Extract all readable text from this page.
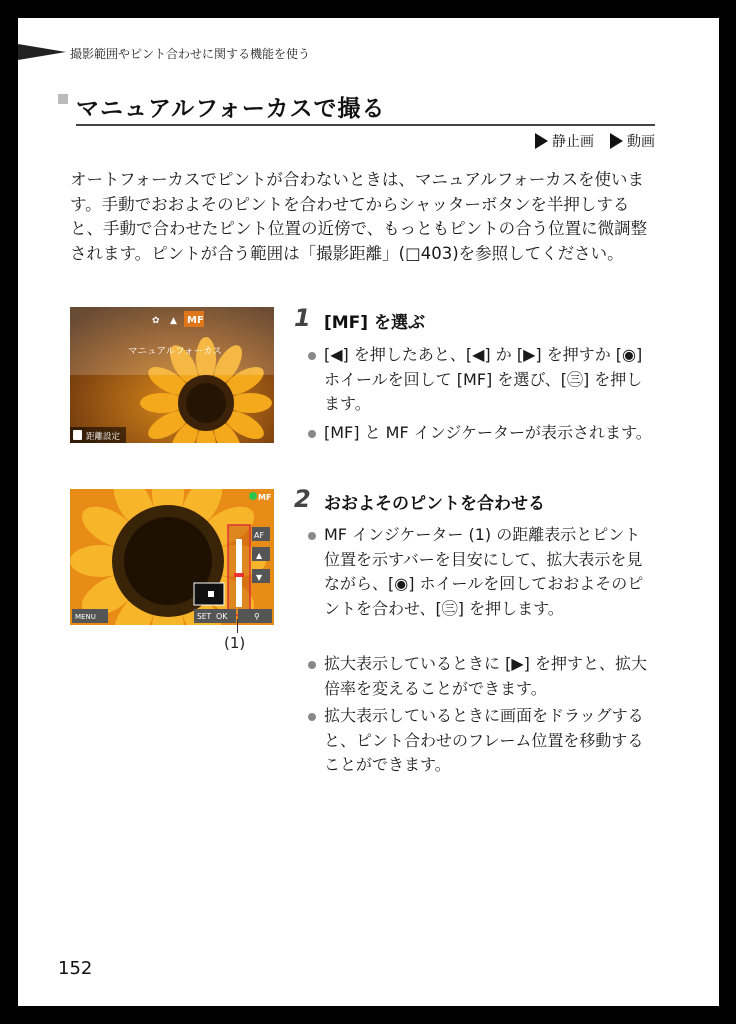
撮影範囲やピント合わせに関する機能を使う
マニュアルフォーカスで撮る
静止画 動画

オートフォーカスでピントが合わないときは、マニュアルフォーカスを使います。手動でおおよそのピントを合わせてからシャッターボタンを半押しすると、手動で合わせたピント位置の近傍で、もっともピントの合う位置に微調整されます。ピントが合う範囲は「撮影距離」(□403)を参照してください。

✿ ▲ MF
マニュアルフォーカス
距離設定
MF
AF
▲
▼
MENU	SET OK	⚲
(1)
1 [MF] を選ぶ
[◀] を押したあと、[◀] か [▶] を押すか [◉] ホイールを回して [MF] を選び、[㊂] を押します。
[MF] と MF インジケーターが表示されます。
2 おおよそのピントを合わせる
MF インジケーター (1) の距離表示とピント位置を示すバーを目安にして、拡大表示を見ながら、[◉] ホイールを回しておおよそのピントを合わせ、[㊂] を押します。
拡大表示しているときに [▶] を押すと、拡大倍率を変えることができます。
拡大表示しているときに画面をドラッグすると、ピント合わせのフレーム位置を移動することができます。
152
